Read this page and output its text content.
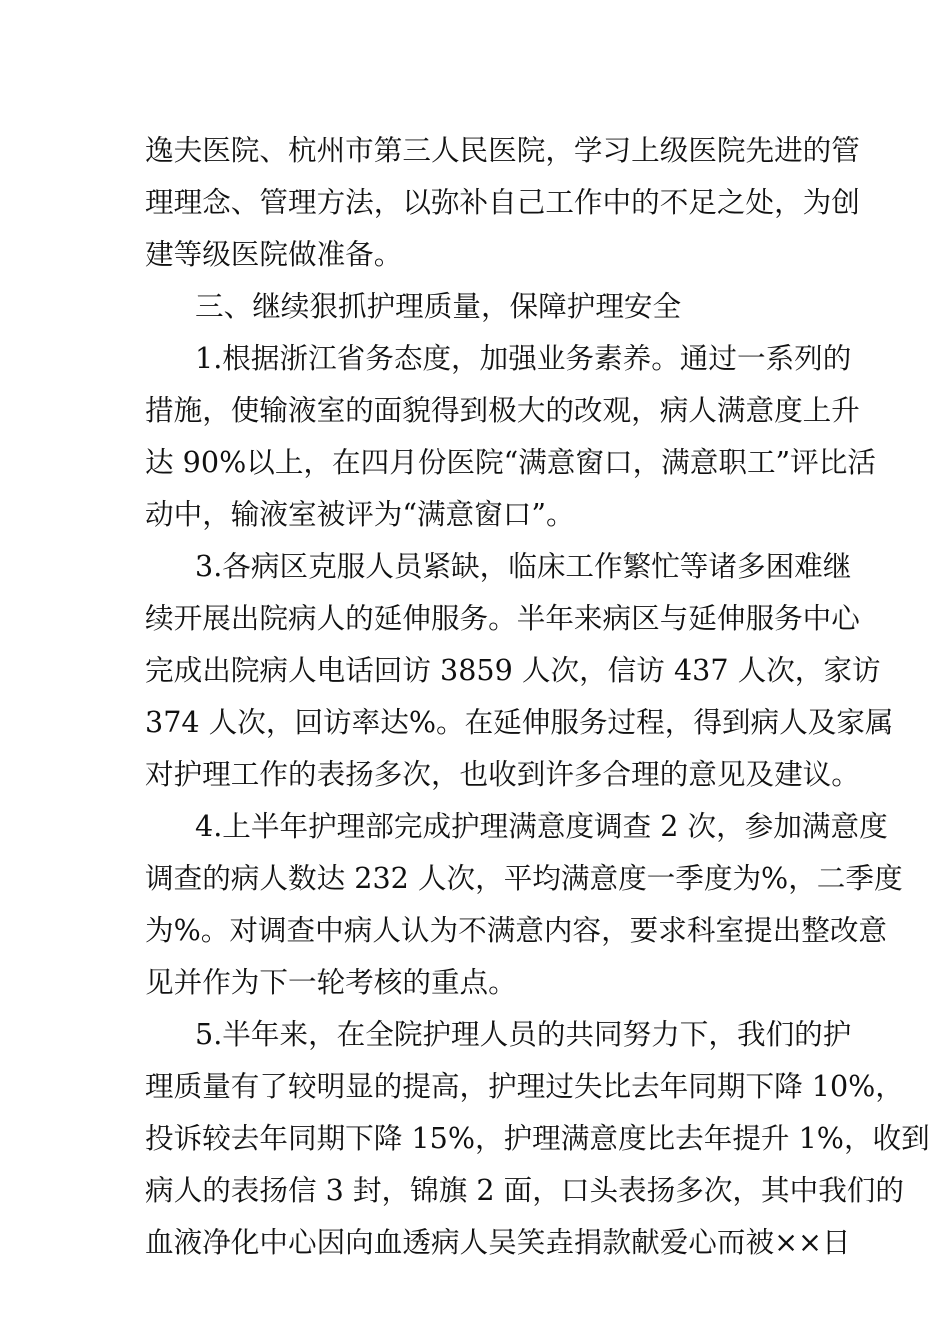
逸夫医院、杭州市第三人民医院，学习上级医院先进的管
理理念、管理方法，以弥补自己工作中的不足之处，为创
建等级医院做准备。
三、继续狠抓护理质量，保障护理安全
1.根据浙江省务态度，加强业务素养。通过一系列的
措施，使输液室的面貌得到极大的改观，病人满意度上升
达 90%以上，在四月份医院“满意窗口，满意职工”评比活
动中，输液室被评为“满意窗口”。
3.各病区克服人员紧缺，临床工作繁忙等诸多困难继
续开展出院病人的延伸服务。半年来病区与延伸服务中心
完成出院病人电话回访 3859 人次，信访 437 人次，家访
374 人次，回访率达%。在延伸服务过程，得到病人及家属
对护理工作的表扬多次，也收到许多合理的意见及建议。
4.上半年护理部完成护理满意度调查 2 次，参加满意度
调查的病人数达 232 人次，平均满意度一季度为%，二季度
为%。对调查中病人认为不满意内容，要求科室提出整改意
见并作为下一轮考核的重点。
5.半年来，在全院护理人员的共同努力下，我们的护
理质量有了较明显的提高，护理过失比去年同期下降 10%，
投诉较去年同期下降 15%，护理满意度比去年提升 1%，收到
病人的表扬信 3 封，锦旗 2 面，口头表扬多次，其中我们的
血液净化中心因向血透病人吴笑垚捐款献爱心而被××日
